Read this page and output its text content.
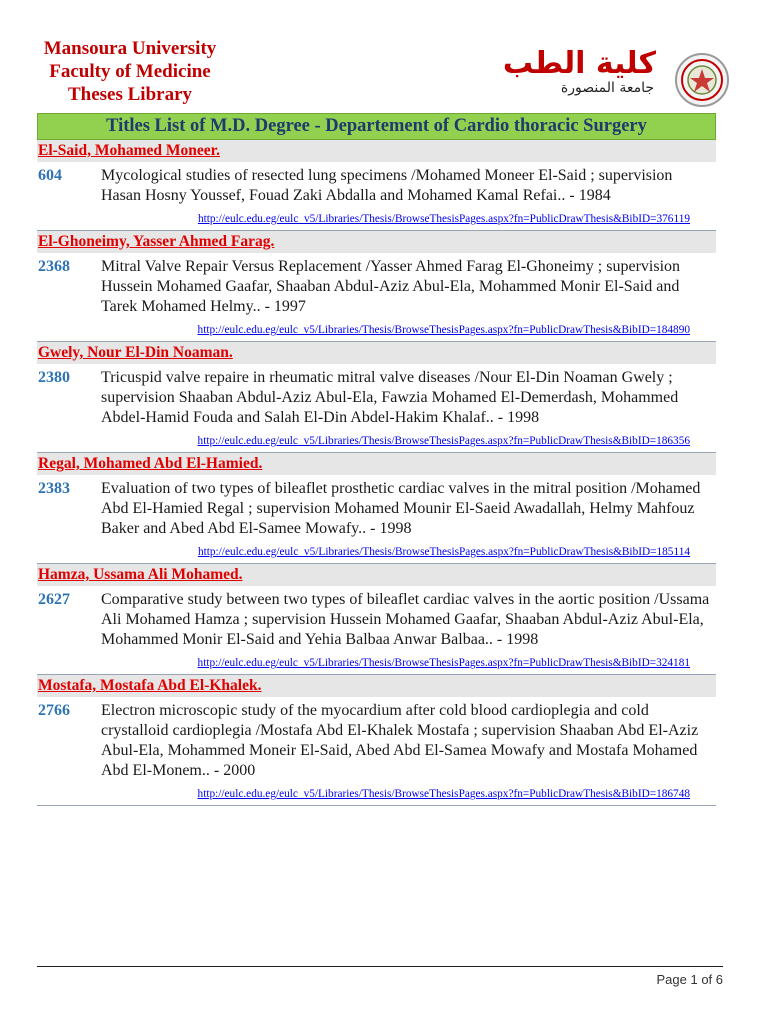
Mansoura University
Faculty of Medicine
Theses Library
كلية الطب
جامعة المنصورة
Titles List of M.D. Degree - Departement of Cardio thoracic Surgery
El-Said, Mohamed Moneer.
604	Mycological studies of resected lung specimens /Mohamed Moneer El-Said ; supervision Hasan Hosny Youssef, Fouad Zaki Abdalla and Mohamed Kamal Refai.. - 1984
http://eulc.edu.eg/eulc_v5/Libraries/Thesis/BrowseThesisPages.aspx?fn=PublicDrawThesis&BibID=376119
El-Ghoneimy, Yasser Ahmed Farag.
2368	Mitral Valve Repair Versus Replacement /Yasser Ahmed Farag El-Ghoneimy ; supervision Hussein Mohamed Gaafar, Shaaban Abdul-Aziz Abul-Ela, Mohammed Monir El-Said and Tarek Mohamed Helmy.. - 1997
http://eulc.edu.eg/eulc_v5/Libraries/Thesis/BrowseThesisPages.aspx?fn=PublicDrawThesis&BibID=184890
Gwely, Nour El-Din Noaman.
2380	Tricuspid valve repaire in rheumatic mitral valve diseases /Nour El-Din Noaman Gwely ; supervision Shaaban Abdul-Aziz Abul-Ela, Fawzia Mohamed El-Demerdash, Mohammed Abdel-Hamid Fouda and Salah El-Din Abdel-Hakim Khalaf.. - 1998
http://eulc.edu.eg/eulc_v5/Libraries/Thesis/BrowseThesisPages.aspx?fn=PublicDrawThesis&BibID=186356
Regal, Mohamed Abd El-Hamied.
2383	Evaluation of two types of bileaflet prosthetic cardiac valves in the mitral position /Mohamed Abd El-Hamied Regal ; supervision Mohamed Mounir El-Saeid Awadallah, Helmy Mahfouz Baker and Abed Abd El-Samee Mowafy.. - 1998
http://eulc.edu.eg/eulc_v5/Libraries/Thesis/BrowseThesisPages.aspx?fn=PublicDrawThesis&BibID=185114
Hamza, Ussama Ali Mohamed.
2627	Comparative study between two types of bileaflet cardiac valves in the aortic position /Ussama Ali Mohamed Hamza ; supervision Hussein Mohamed Gaafar, Shaaban Abdul-Aziz Abul-Ela, Mohammed Monir El-Said and Yehia Balbaa Anwar Balbaa.. - 1998
http://eulc.edu.eg/eulc_v5/Libraries/Thesis/BrowseThesisPages.aspx?fn=PublicDrawThesis&BibID=324181
Mostafa, Mostafa Abd El-Khalek.
2766	Electron microscopic study of the myocardium after cold blood cardioplegia and cold crystalloid cardioplegia /Mostafa Abd El-Khalek Mostafa ; supervision Shaaban Abd El-Aziz Abul-Ela, Mohammed Moneir El-Said, Abed Abd El-Samea Mowafy and Mostafa Mohamed Abd El-Monem.. - 2000
http://eulc.edu.eg/eulc_v5/Libraries/Thesis/BrowseThesisPages.aspx?fn=PublicDrawThesis&BibID=186748
Page 1 of 6
